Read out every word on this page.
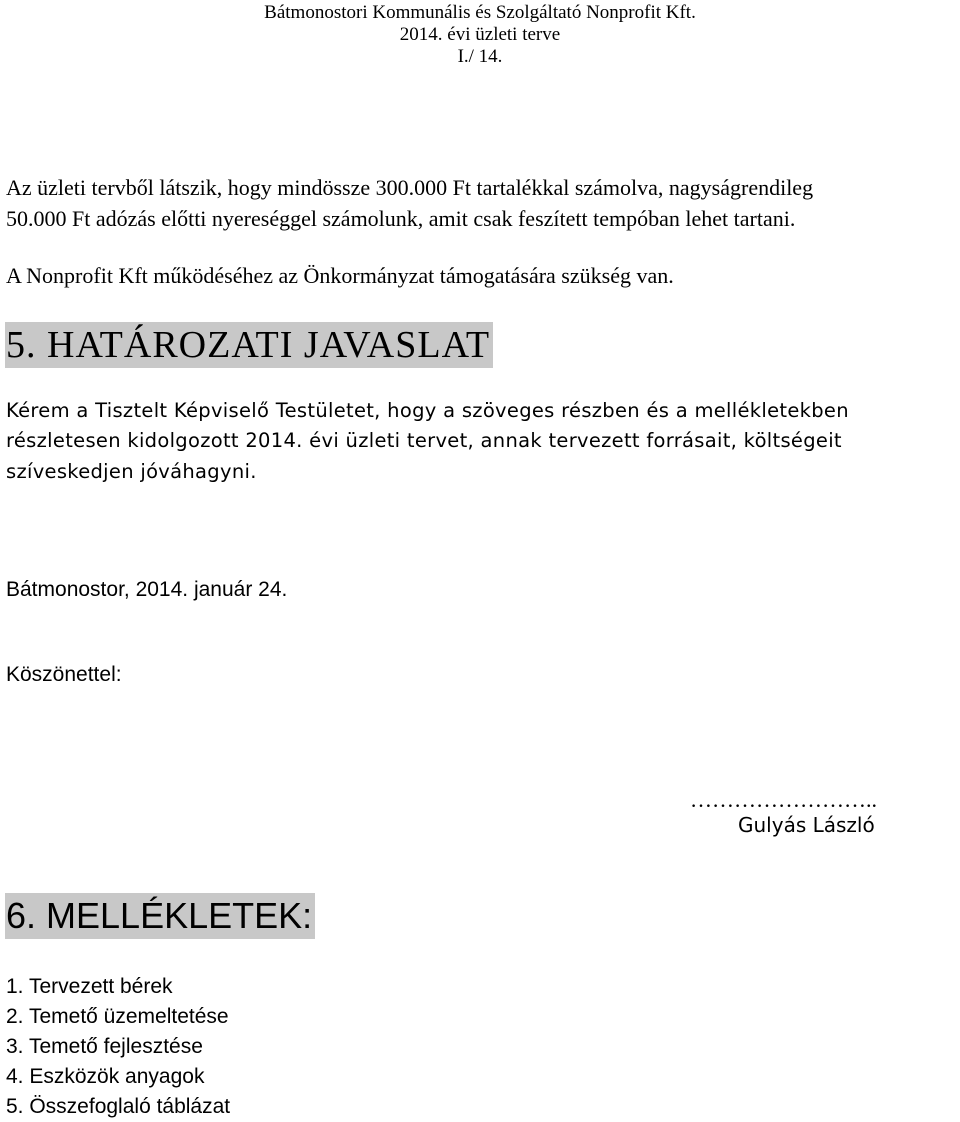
Bátmonostori Kommunális és Szolgáltató Nonprofit Kft.
2014. évi üzleti terve
I./ 14.
Az üzleti tervből látszik, hogy mindössze 300.000 Ft tartalékkal számolva, nagyságrendileg
50.000 Ft adózás előtti nyereséggel számolunk, amit csak feszített tempóban lehet tartani.
A Nonprofit Kft működéséhez az Önkormányzat támogatására szükség van.
5. HATÁROZATI JAVASLAT
Kérem a Tisztelt Képviselő Testületet, hogy a szöveges részben és a mellékletekben
részletesen kidolgozott 2014. évi üzleti tervet, annak tervezett forrásait, költségeit
szíveskedjen jóváhagyni.
Bátmonostor, 2014. január 24.
Köszönettel:
……………………..
Gulyás László
6. MELLÉKLETEK:
1. Tervezett bérek
2. Temető üzemeltetése
3. Temető fejlesztése
4. Eszközök anyagok
5. Összefoglaló táblázat
